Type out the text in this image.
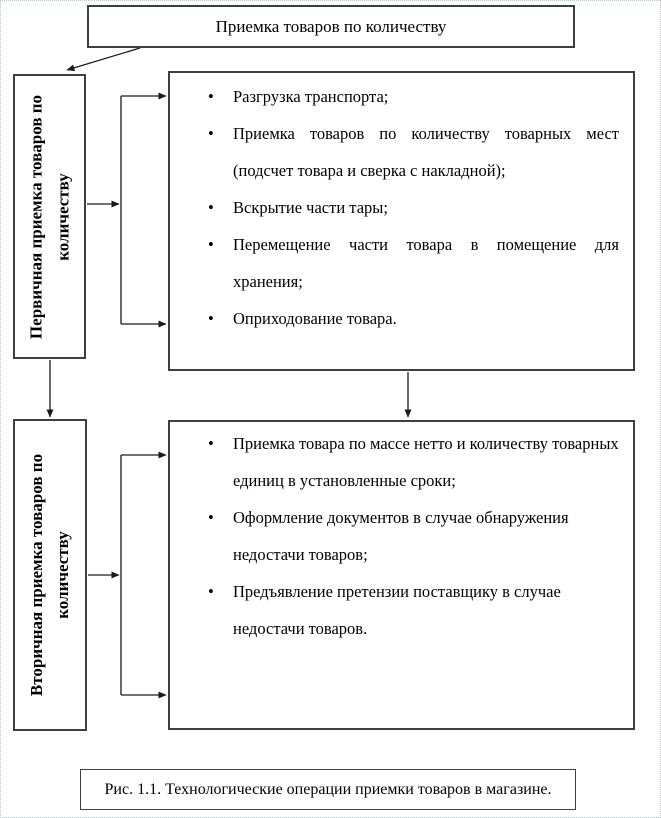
Приемка товаров по количеству
Первичная приемка товаров по количеству
• Разгрузка транспорта;
• Приемка товаров по количеству товарных мест (подсчет товара и сверка с накладной);
• Вскрытие части тары;
• Перемещение части товара в помещение для хранения;
• Оприходование товара.
Вторичная приемка товаров по количеству
• Приемка товара по массе нетто и количеству товарных единиц в установленные сроки;
• Оформление документов в случае обнаружения недостачи товаров;
• Предъявление претензии поставщику в случае недостачи товаров.
Рис. 1.1. Технологические операции приемки товаров в магазине.
